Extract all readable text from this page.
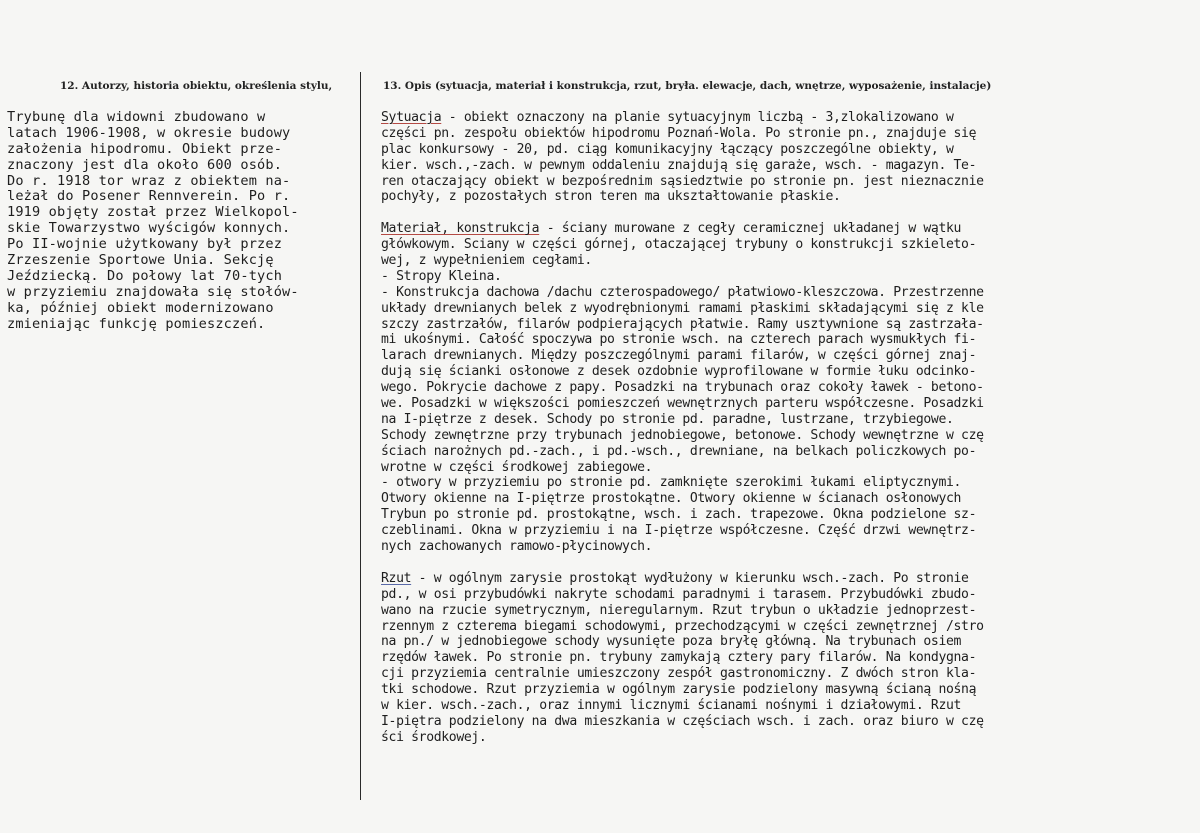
12. Autorzy, historia obiektu, określenia stylu,	13. Opis (sytuacja, materiał i konstrukcja, rzut, bryła. elewacje, dach, wnętrze, wyposażenie, instalacje)
Trybunę dla widowni zbudowano w
latach 1906-1908, w okresie budowy
założenia hipodromu. Obiekt prze-
znaczony jest dla około 600 osób.
Do r. 1918 tor wraz z obiektem na-
leżał do Posener Rennverein. Po r.
1919 objęty został przez Wielkopol-
skie Towarzystwo wyścigów konnych.
Po II-wojnie użytkowany był przez
Zrzeszenie Sportowe Unia. Sekcję
Jeździecką. Do połowy lat 70-tych
w przyziemiu znajdowała się stołów-
ka, później obiekt modernizowano
zmieniając funkcję pomieszczeń.
Sytuacja - obiekt oznaczony na planie sytuacyjnym liczbą - 3,zlokalizowano w
części pn. zespołu obiektów hipodromu Poznań-Wola. Po stronie pn., znajduje się
plac konkursowy - 20, pd. ciąg komunikacyjny łączący poszczególne obiekty, w
kier. wsch.,-zach. w pewnym oddaleniu znajdują się garaże, wsch. - magazyn. Te-
ren otaczający obiekt w bezpośrednim sąsiedztwie po stronie pn. jest nieznacznie
pochyły, z pozostałych stron teren ma ukształtowanie płaskie.
Materiał, konstrukcja - ściany murowane z cegły ceramicznej układanej w wątku
główkowym. Ściany w części górnej, otaczającej trybuny o konstrukcji szkieleto-
wej, z wypełnieniem cegłami.
- Stropy Kleina.
- Konstrukcja dachowa /dachu czterospadowego/ płatwiowo-kleszczowa. Przestrzenne
układy drewnianych belek z wyodrębnionymi ramami płaskimi składającymi się z kle
szczy zastrzałów, filarów podpierających płatwie. Ramy usztywnione są zastrzała-
mi ukośnymi. Całość spoczywa po stronie wsch. na czterech parach wysmukłych fi-
larach drewnianych. Między poszczególnymi parami filarów, w części górnej znaj-
dują się ścianki osłonowe z desek ozdobnie wyprofilowane w formie łuku odcinko-
wego. Pokrycie dachowe z papy. Posadzki na trybunach oraz cokoły ławek - betono-
we. Posadzki w większości pomieszczeń wewnętrznych parteru współczesne. Posadzki
na I-piętrze z desek. Schody po stronie pd. paradne, lustrzane, trzybiegowe.
Schody zewnętrzne przy trybunach jednobiegowe, betonowe. Schody wewnętrzne w czę
ściach narożnych pd.-zach., i pd.-wsch., drewniane, na belkach policzkowych po-
wrotne w części środkowej zabiegowe.
- otwory w przyziemiu po stronie pd. zamknięte szerokimi łukami eliptycznymi.
Otwory okienne na I-piętrze prostokątne. Otwory okienne w ścianach osłonowych
Trybun po stronie pd. prostokątne, wsch. i zach. trapezowe. Okna podzielone sz-
czeblinami. Okna w przyziemiu i na I-piętrze współczesne. Część drzwi wewnętrz-
nych zachowanych ramowo-płycinowych.
Rzut - w ogólnym zarysie prostokąt wydłużony w kierunku wsch.-zach. Po stronie
pd., w osi przybudówki nakryte schodami paradnymi i tarasem. Przybudówki zbudo-
wano na rzucie symetrycznym, nieregularnym. Rzut trybun o układzie jednoprzest-
rzennym z czterema biegami schodowymi, przechodzącymi w części zewnętrznej /stro
na pn./ w jednobiegowe schody wysunięte poza bryłę główną. Na trybunach osiem
rzędów ławek. Po stronie pn. trybuny zamykają cztery pary filarów. Na kondygna-
cji przyziemia centralnie umieszczony zespół gastronomiczny. Z dwóch stron kla-
tki schodowe. Rzut przyziemia w ogólnym zarysie podzielony masywną ścianą nośną
w kier. wsch.-zach., oraz innymi licznymi ścianami nośnymi i działowymi. Rzut
I-piętra podzielony na dwa mieszkania w częściach wsch. i zach. oraz biuro w czę
ści środkowej.
